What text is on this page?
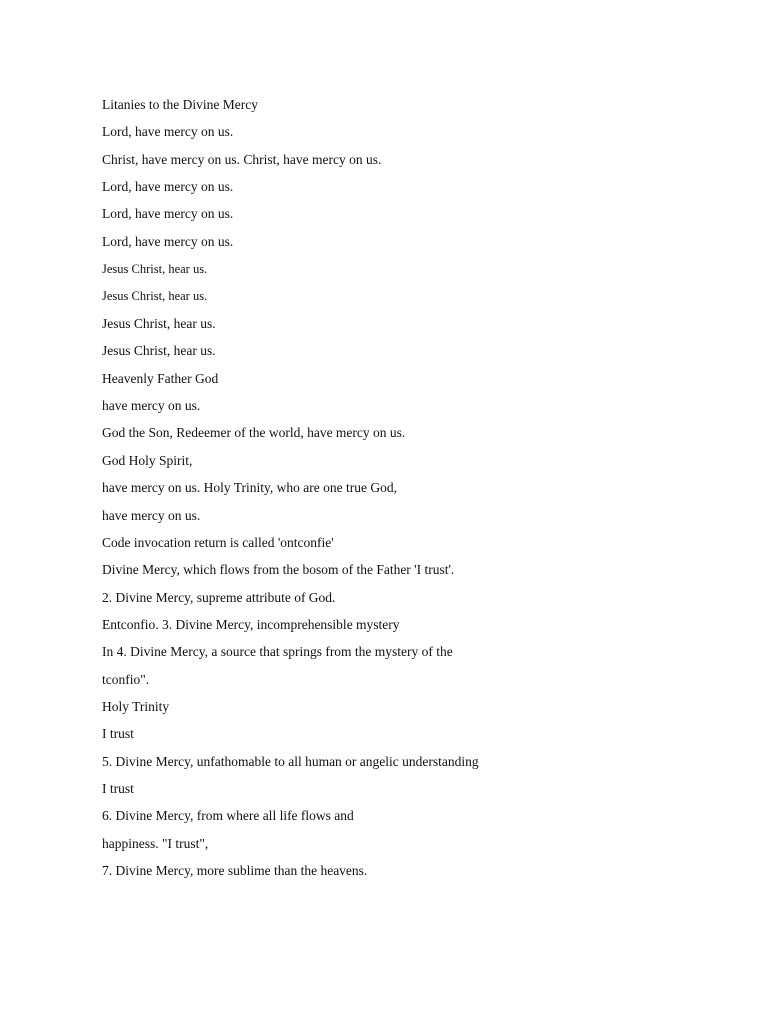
Litanies to the Divine Mercy

Lord, have mercy on us.

Christ, have mercy on us. Christ, have mercy on us.

Lord, have mercy on us.

Lord, have mercy on us.

Lord, have mercy on us.

Jesus Christ, hear us.

Jesus Christ, hear us.

Jesus Christ, hear us.

Jesus Christ, hear us.

Heavenly Father God

have mercy on us.

God the Son, Redeemer of the world, have mercy on us.

God Holy Spirit,

have mercy on us. Holy Trinity, who are one true God,

have mercy on us.

Code invocation return is called 'ontconfie'

Divine Mercy, which flows from the bosom of the Father 'I trust'.

2. Divine Mercy, supreme attribute of God.

Entconfio. 3. Divine Mercy, incomprehensible mystery

In 4. Divine Mercy, a source that springs from the mystery of the

tconfio".

Holy Trinity

I trust

5. Divine Mercy, unfathomable to all human or angelic understanding

I trust

6. Divine Mercy, from where all life flows and

happiness. "I trust",

7. Divine Mercy, more sublime than the heavens.
